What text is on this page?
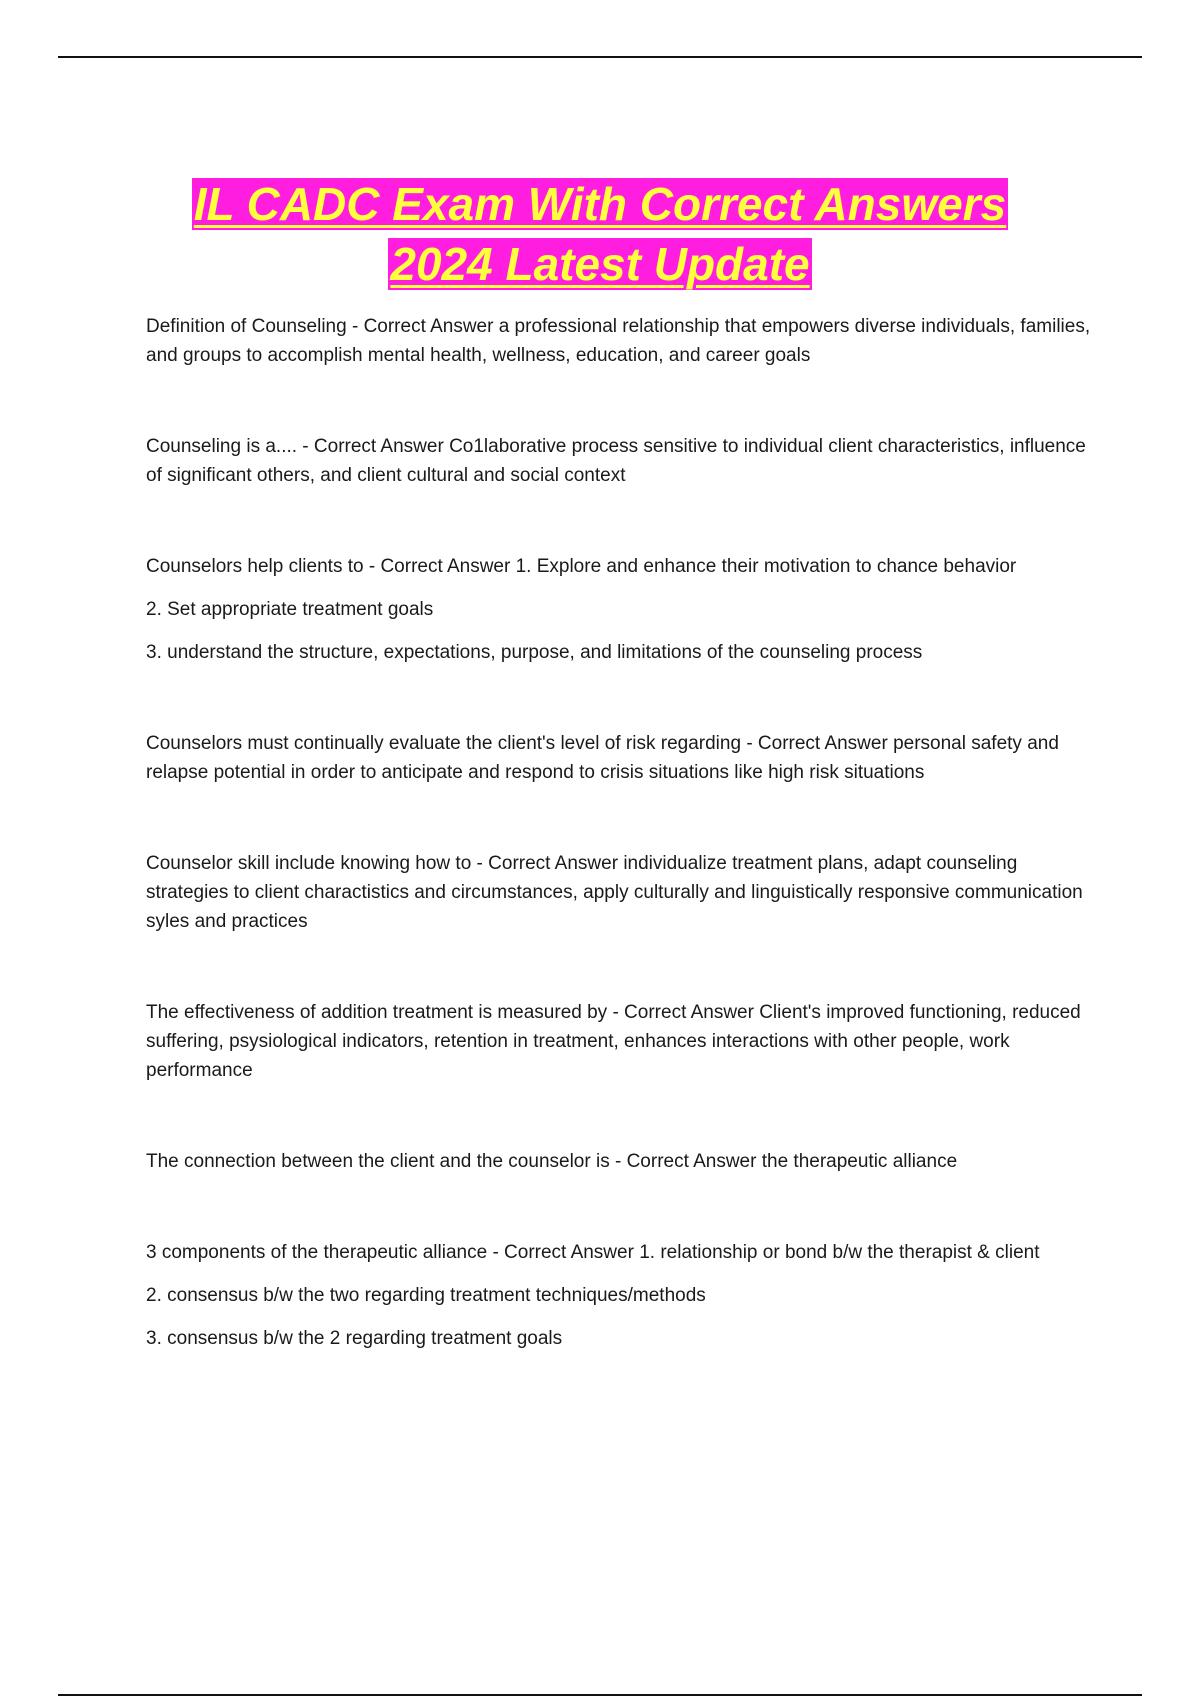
IL CADC Exam With Correct Answers
2024 Latest Update

Definition of Counseling - Correct Answer a professional relationship that empowers diverse individuals, families, and groups to accomplish mental health, wellness, education, and career goals

Counseling is a.... - Correct Answer Co1laborative process sensitive to individual client characteristics, influence of significant others, and client cultural and social context

Counselors help clients to - Correct Answer 1. Explore and enhance their motivation to chance behavior

2. Set appropriate treatment goals

3. understand the structure, expectations, purpose, and limitations of the counseling process

Counselors must continually evaluate the client's level of risk regarding - Correct Answer personal safety and relapse potential in order to anticipate and respond to crisis situations like high risk situations

Counselor skill include knowing how to - Correct Answer individualize treatment plans, adapt counseling strategies to client charactistics and circumstances, apply culturally and linguistically responsive communication syles and practices

The effectiveness of addition treatment is measured by - Correct Answer Client's improved functioning, reduced suffering, psysiological indicators, retention in treatment, enhances interactions with other people, work performance

The connection between the client and the counselor is - Correct Answer the therapeutic alliance

3 components of the therapeutic alliance - Correct Answer 1. relationship or bond b/w the therapist & client

2. consensus b/w the two regarding treatment techniques/methods

3. consensus b/w the 2 regarding treatment goals
